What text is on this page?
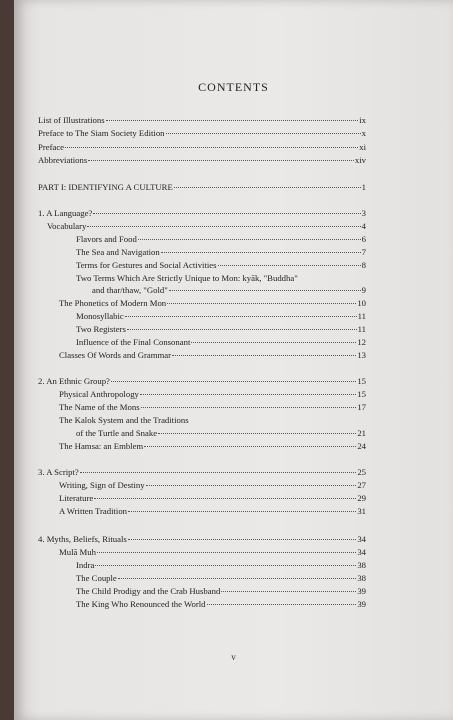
CONTENTS
List of Illustrations	ix
Preface to The Siam Society Edition	x
Preface	xi
Abbreviations	xiv
PART I: IDENTIFYING A CULTURE	1
1. A Language?	3
Vocabulary	4
Flavors and Food	6
The Sea and Navigation	7
Terms for Gestures and Social Activities	8
Two Terms Which Are Strictly Unique to Mon: kyāk, "Buddha"
and thar/thaw, "Gold"	9
The Phonetics of Modern Mon	10
Monosyllabic	11
Two Registers	11
Influence of the Final Consonant	12
Classes Of Words and Grammar	13
2. An Ethnic Group?	15
Physical Anthropology	15
The Name of the Mons	17
The Kalok System and the Traditions
of the Turtle and Snake	21
The Hamsa: an Emblem	24
3. A Script?	25
Writing, Sign of Destiny	27
Literature	29
A Written Tradition	31
4. Myths, Beliefs, Rituals	34
Mulā Muh	34
Indra	38
The Couple	38
The Child Prodigy and the Crab Husband	39
The King Who Renounced the World	39
v
